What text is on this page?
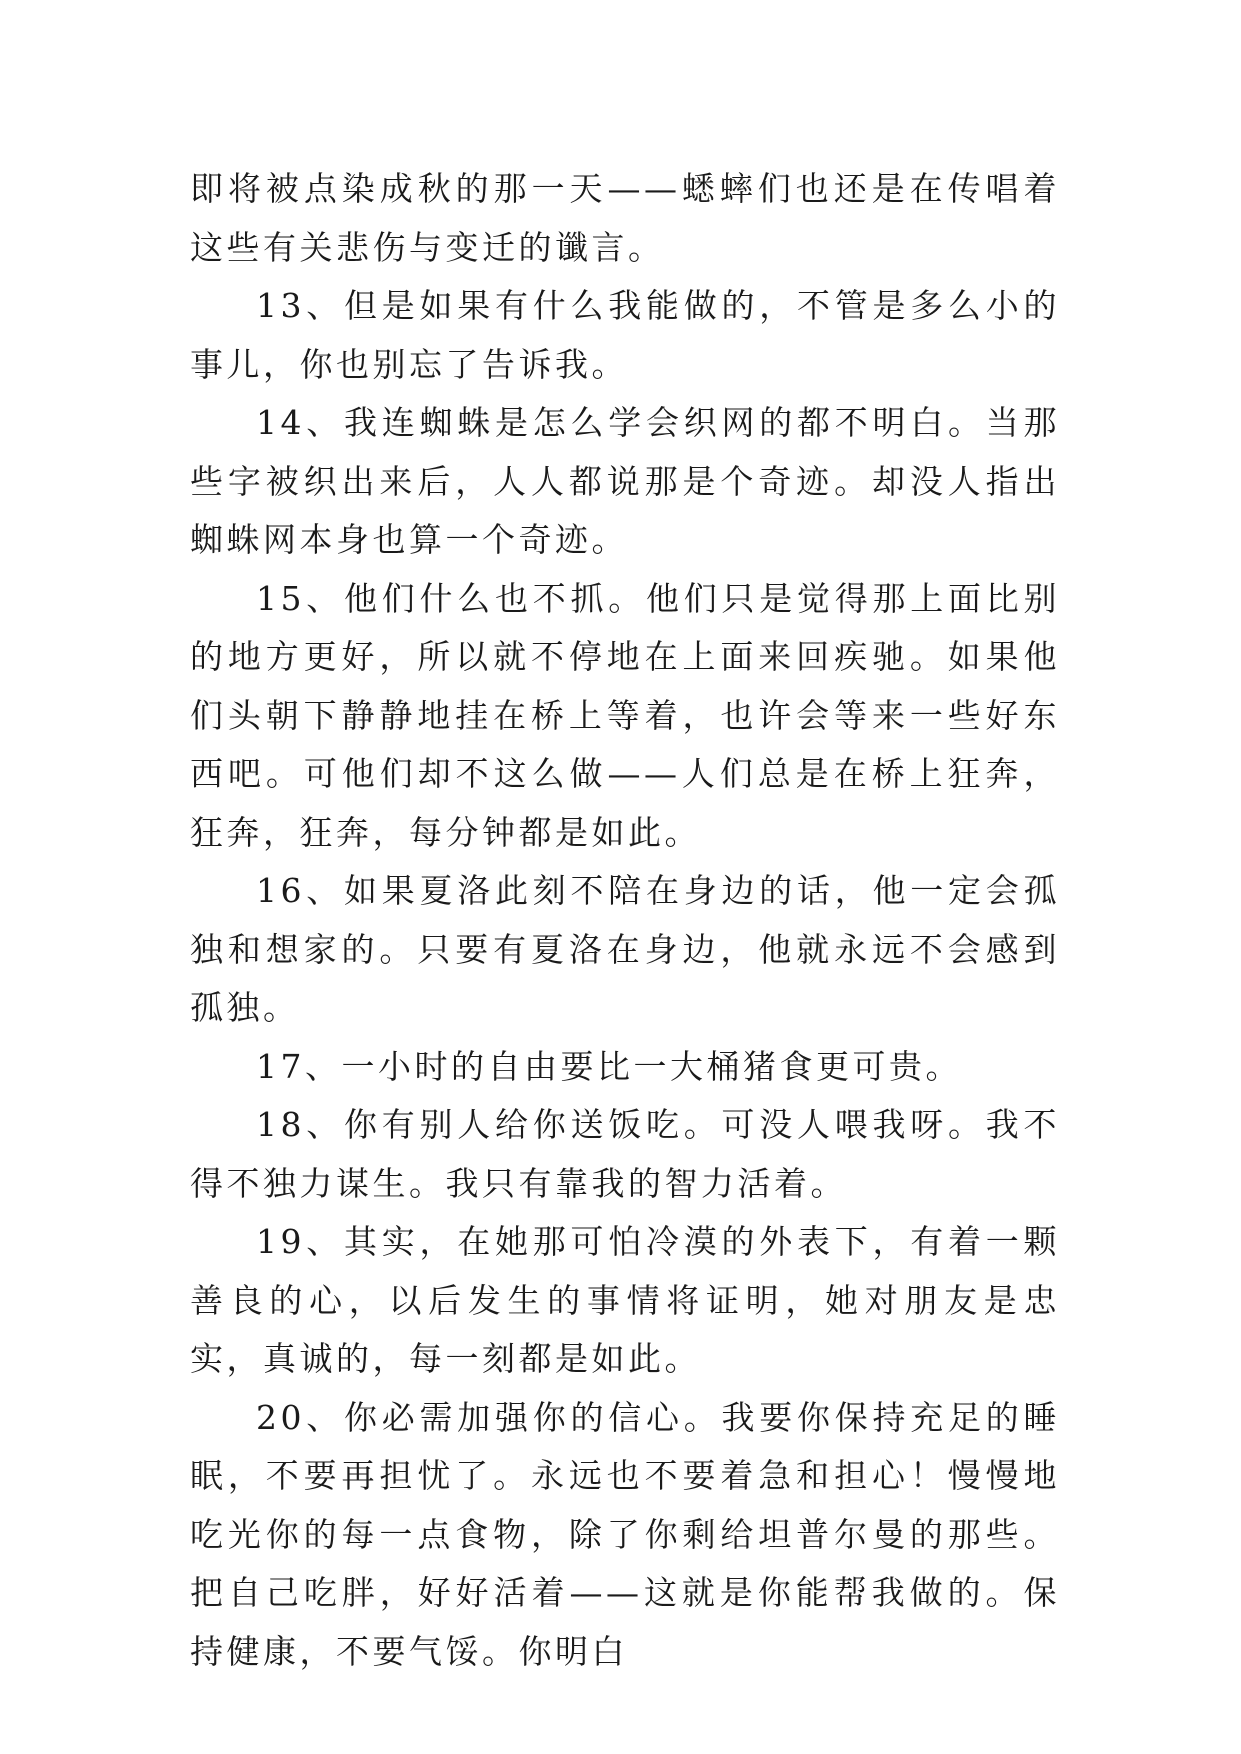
即将被点染成秋的那一天——蟋蟀们也还是在传唱着这些有关悲伤与变迁的谶言。

13、但是如果有什么我能做的，不管是多么小的事儿，你也别忘了告诉我。

14、我连蜘蛛是怎么学会织网的都不明白。当那些字被织出来后，人人都说那是个奇迹。却没人指出蜘蛛网本身也算一个奇迹。

15、他们什么也不抓。他们只是觉得那上面比别的地方更好，所以就不停地在上面来回疾驰。如果他们头朝下静静地挂在桥上等着，也许会等来一些好东西吧。可他们却不这么做——人们总是在桥上狂奔，狂奔，狂奔，每分钟都是如此。

16、如果夏洛此刻不陪在身边的话，他一定会孤独和想家的。只要有夏洛在身边，他就永远不会感到孤独。

17、一小时的自由要比一大桶猪食更可贵。

18、你有别人给你送饭吃。可没人喂我呀。我不得不独力谋生。我只有靠我的智力活着。

19、其实，在她那可怕冷漠的外表下，有着一颗善良的心，以后发生的事情将证明，她对朋友是忠实，真诚的，每一刻都是如此。

20、你必需加强你的信心。我要你保持充足的睡眠，不要再担忧了。永远也不要着急和担心！慢慢地吃光你的每一点食物，除了你剩给坦普尔曼的那些。把自己吃胖，好好活着——这就是你能帮我做的。保持健康，不要气馁。你明白
